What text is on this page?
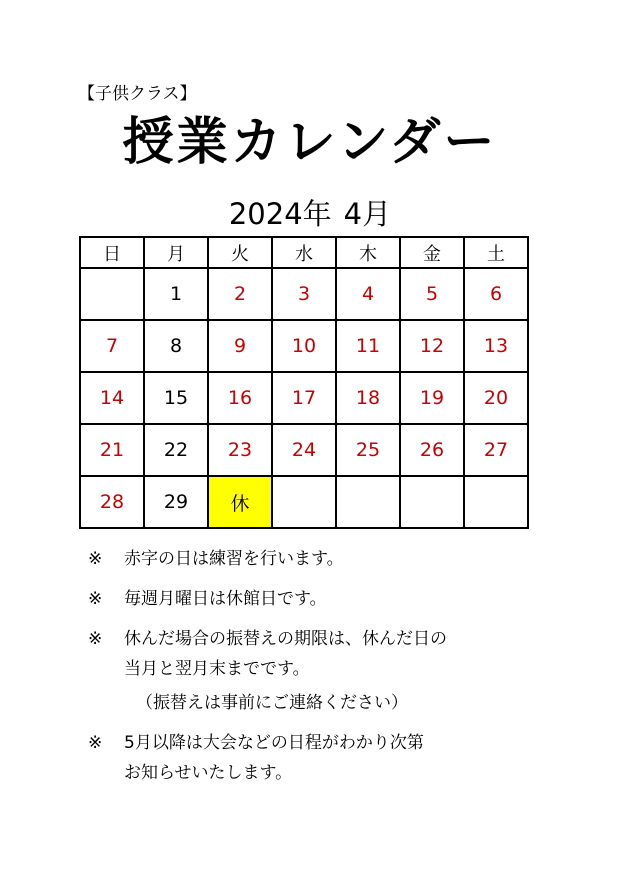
【子供クラス】
授業カレンダー
2024年 4月
日	月	火	水	木	金	土
	1	2	3	4	5	6
7	8	9	10	11	12	13
14	15	16	17	18	19	20
21	22	23	24	25	26	27
28	29	休				
※ 赤字の日は練習を行います。
※ 毎週月曜日は休館日です。
※ 休んだ場合の振替えの期限は、休んだ日の
当月と翌月末までです。
（振替えは事前にご連絡ください）
※ 5月以降は大会などの日程がわかり次第
お知らせいたします。
